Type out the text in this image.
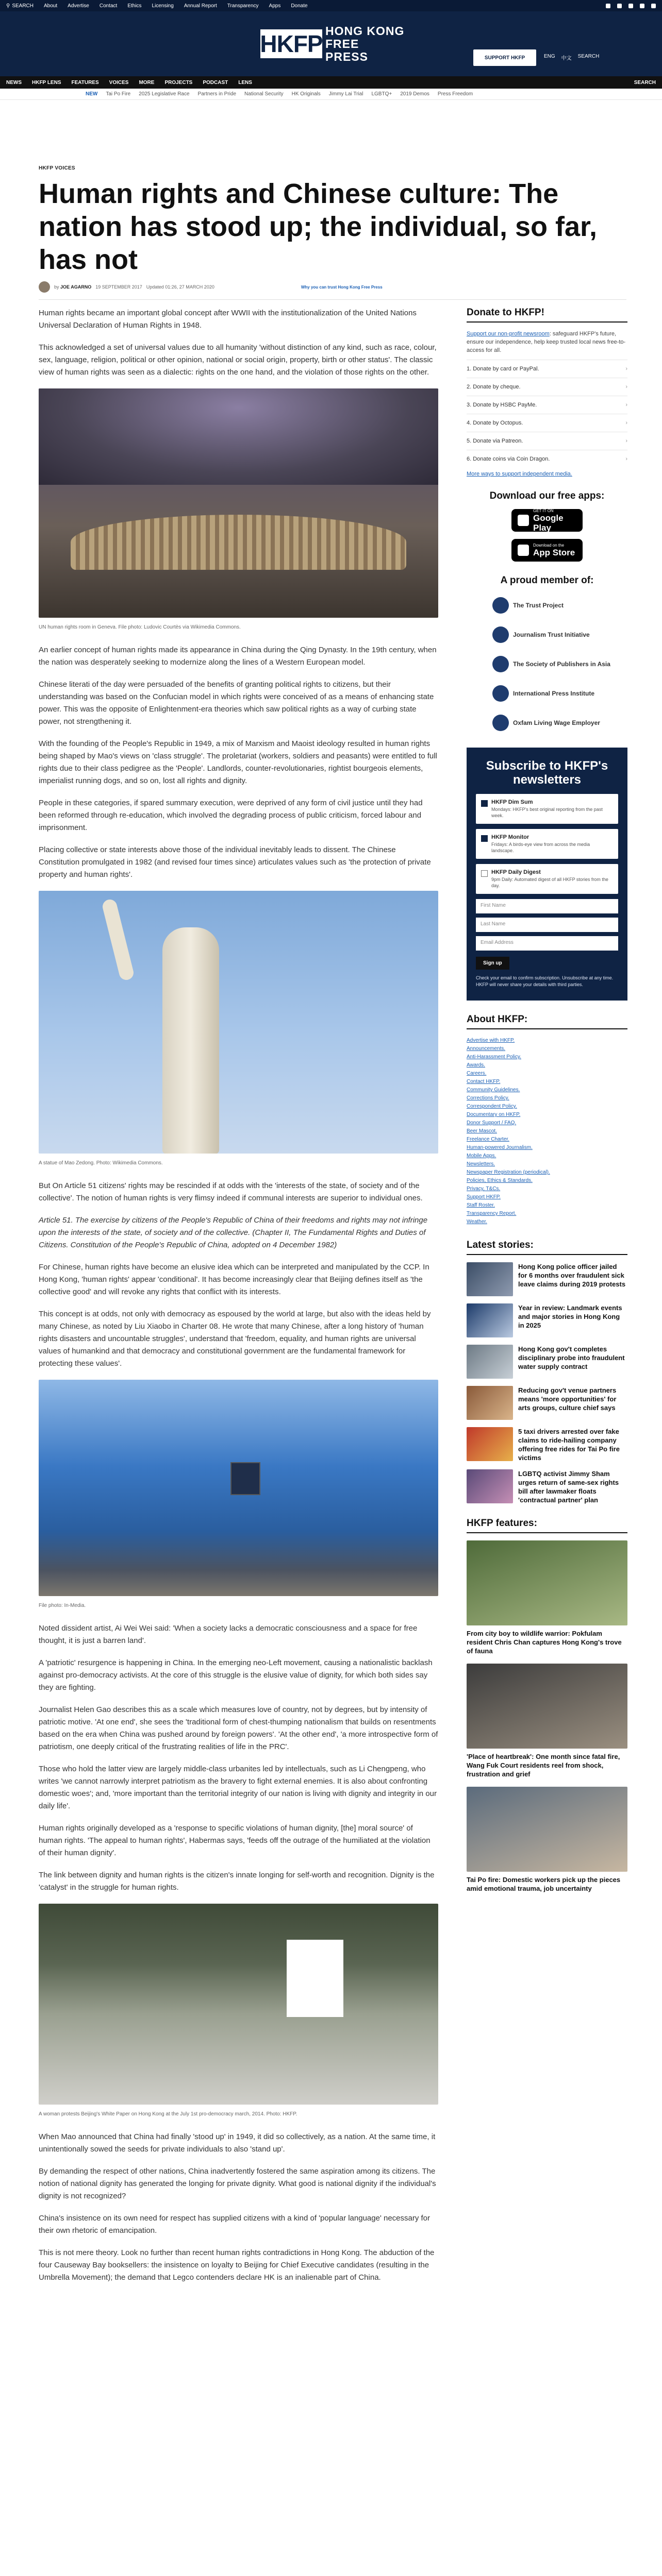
⚲ SEARCH About Advertise Contact Ethics Licensing Annual Report Transparency Apps Donate
HKFP HONG KONG
FREE PRESS	SUPPORT HKFP	ENG 中文 SEARCH
NEWS HKFP LENS FEATURES VOICES MORE PROJECTS PODCAST LENS	SEARCH
NEW Tai Po Fire 2025 Legislative Race Partners in Pride National Security HK Originals Jimmy Lai Trial LGBTQ+ 2019 Demos Press Freedom
HKFP VOICES
Human rights and Chinese culture: The nation has stood up; the individual, so far, has not
by JOE AGARNO 19 SEPTEMBER 2017 Updated 01:26, 27 MARCH 2020	Why you can trust Hong Kong Free Press

Human rights became an important global concept after WWII with the institutionalization of the United Nations Universal Declaration of Human Rights in 1948.

This acknowledged a set of universal values due to all humanity 'without distinction of any kind, such as race, colour, sex, language, religion, political or other opinion, national or social origin, property, birth or other status'. The classic view of human rights was seen as a dialectic: rights on the one hand, and the violation of those rights on the other.

UN human rights room in Geneva. File photo: Ludovic Courtès via Wikimedia Commons.

An earlier concept of human rights made its appearance in China during the Qing Dynasty. In the 19th century, when the nation was desperately seeking to modernize along the lines of a Western European model.

Chinese literati of the day were persuaded of the benefits of granting political rights to citizens, but their understanding was based on the Confucian model in which rights were conceived of as a means of enhancing state power. This was the opposite of Enlightenment-era theories which saw political rights as a way of curbing state power, not strengthening it.

With the founding of the People's Republic in 1949, a mix of Marxism and Maoist ideology resulted in human rights being shaped by Mao's views on 'class struggle'. The proletariat (workers, soldiers and peasants) were entitled to full rights due to their class pedigree as the 'People'. Landlords, counter-revolutionaries, rightist bourgeois elements, imperialist running dogs, and so on, lost all rights and dignity.

People in these categories, if spared summary execution, were deprived of any form of civil justice until they had been reformed through re-education, which involved the degrading process of public criticism, forced labour and imprisonment.

Placing collective or state interests above those of the individual inevitably leads to dissent. The Chinese Constitution promulgated in 1982 (and revised four times since) articulates values such as 'the protection of private property and human rights'.

A statue of Mao Zedong. Photo: Wikimedia Commons.

But On Article 51 citizens' rights may be rescinded if at odds with the 'interests of the state, of society and of the collective'. The notion of human rights is very flimsy indeed if communal interests are superior to individual ones.

Article 51. The exercise by citizens of the People's Republic of China of their freedoms and rights may not infringe upon the interests of the state, of society and of the collective. (Chapter II, The Fundamental Rights and Duties of Citizens. Constitution of the People's Republic of China, adopted on 4 December 1982)

For Chinese, human rights have become an elusive idea which can be interpreted and manipulated by the CCP. In Hong Kong, 'human rights' appear 'conditional'. It has become increasingly clear that Beijing defines itself as 'the collective good' and will revoke any rights that conflict with its interests.

This concept is at odds, not only with democracy as espoused by the world at large, but also with the ideas held by many Chinese, as noted by Liu Xiaobo in Charter 08. He wrote that many Chinese, after a long history of 'human rights disasters and uncountable struggles', understand that 'freedom, equality, and human rights are universal values of humankind and that democracy and constitutional government are the fundamental framework for protecting these values'.

File photo: In-Media.

Noted dissident artist, Ai Wei Wei said: 'When a society lacks a democratic consciousness and a space for free thought, it is just a barren land'.

A 'patriotic' resurgence is happening in China. In the emerging neo-Left movement, causing a nationalistic backlash against pro-democracy activists. At the core of this struggle is the elusive value of dignity, for which both sides say they are fighting.

Journalist Helen Gao describes this as a scale which measures love of country, not by degrees, but by intensity of patriotic motive. 'At one end', she sees the 'traditional form of chest-thumping nationalism that builds on resentments based on the era when China was pushed around by foreign powers'. 'At the other end', 'a more introspective form of patriotism, one deeply critical of the frustrating realities of life in the PRC'.

Those who hold the latter view are largely middle-class urbanites led by intellectuals, such as Li Chengpeng, who writes 'we cannot narrowly interpret patriotism as the bravery to fight external enemies. It is also about confronting domestic woes'; and, 'more important than the territorial integrity of our nation is living with dignity and integrity in our daily life'.

Human rights originally developed as a 'response to specific violations of human dignity, [the] moral source' of human rights. 'The appeal to human rights', Habermas says, 'feeds off the outrage of the humiliated at the violation of their human dignity'.

The link between dignity and human rights is the citizen's innate longing for self-worth and recognition. Dignity is the 'catalyst' in the struggle for human rights.

A woman protests Beijing's White Paper on Hong Kong at the July 1st pro-democracy march, 2014. Photo: HKFP.

When Mao announced that China had finally 'stood up' in 1949, it did so collectively, as a nation. At the same time, it unintentionally sowed the seeds for private individuals to also 'stand up'.

By demanding the respect of other nations, China inadvertently fostered the same aspiration among its citizens. The notion of national dignity has generated the longing for private dignity. What good is national dignity if the individual's dignity is not recognized?

China's insistence on its own need for respect has supplied citizens with a kind of 'popular language' necessary for their own rhetoric of emancipation.

This is not mere theory. Look no further than recent human rights contradictions in Hong Kong. The abduction of the four Causeway Bay booksellers: the insistence on loyalty to Beijing for Chief Executive candidates (resulting in the Umbrella Movement); the demand that Legco contenders declare HK is an inalienable part of China.

Donate to HKFP!
Support our non-profit newsroom: safeguard HKFP's future, ensure our independence, help keep trusted local news free-to-access for all.
1. Donate by card or PayPal.	›
2. Donate by cheque.	›
3. Donate by HSBC PayMe.	›
4. Donate by Octopus.	›
5. Donate via Patreon.	›
6. Donate coins via Coin Dragon.	›
More ways to support independent media.
Download our free apps:
GET IT ON
Google Play
Download on the
App Store
A proud member of:
The Trust Project
Journalism Trust Initiative
The Society of Publishers in Asia
International Press Institute
Oxfam Living Wage Employer
Subscribe to HKFP's newsletters
HKFP Dim Sum
Mondays: HKFP's best original reporting from the past week.
HKFP Monitor
Fridays: A birds-eye view from across the media landscape.
HKFP Daily Digest
9pm Daily: Automated digest of all HKFP stories from the day.
First Name
Last Name
Email Address
Sign up
Check your email to confirm subscription. Unsubscribe at any time. HKFP will never share your details with third parties.
About HKFP:
Advertise with HKFP.
Announcements.
Anti-Harassment Policy.
Awards.
Careers.
Contact HKFP.
Community Guidelines.
Corrections Policy.
Correspondent Policy.
Documentary on HKFP.
Donor Support / FAQ.
Beer Mascot.
Freelance Charter.
Human-powered Journalism.
Mobile Apps.
Newsletters.
Newspaper Registration (periodical).
Policies, Ethics & Standards.
Privacy, T&Cs.
Support HKFP.
Staff Roster.
Transparency Report.
Weather.
Latest stories:
Hong Kong police officer jailed for 6 months over fraudulent sick leave claims during 2019 protests
Year in review: Landmark events and major stories in Hong Kong in 2025
Hong Kong gov't completes disciplinary probe into fraudulent water supply contract
Reducing gov't venue partners means 'more opportunities' for arts groups, culture chief says
5 taxi drivers arrested over fake claims to ride-hailing company offering free rides for Tai Po fire victims
LGBTQ activist Jimmy Sham urges return of same-sex rights bill after lawmaker floats 'contractual partner' plan
HKFP features:
From city boy to wildlife warrior: Pokfulam resident Chris Chan captures Hong Kong's trove of fauna
'Place of heartbreak': One month since fatal fire, Wang Fuk Court residents reel from shock, frustration and grief
Tai Po fire: Domestic workers pick up the pieces amid emotional trauma, job uncertainty
